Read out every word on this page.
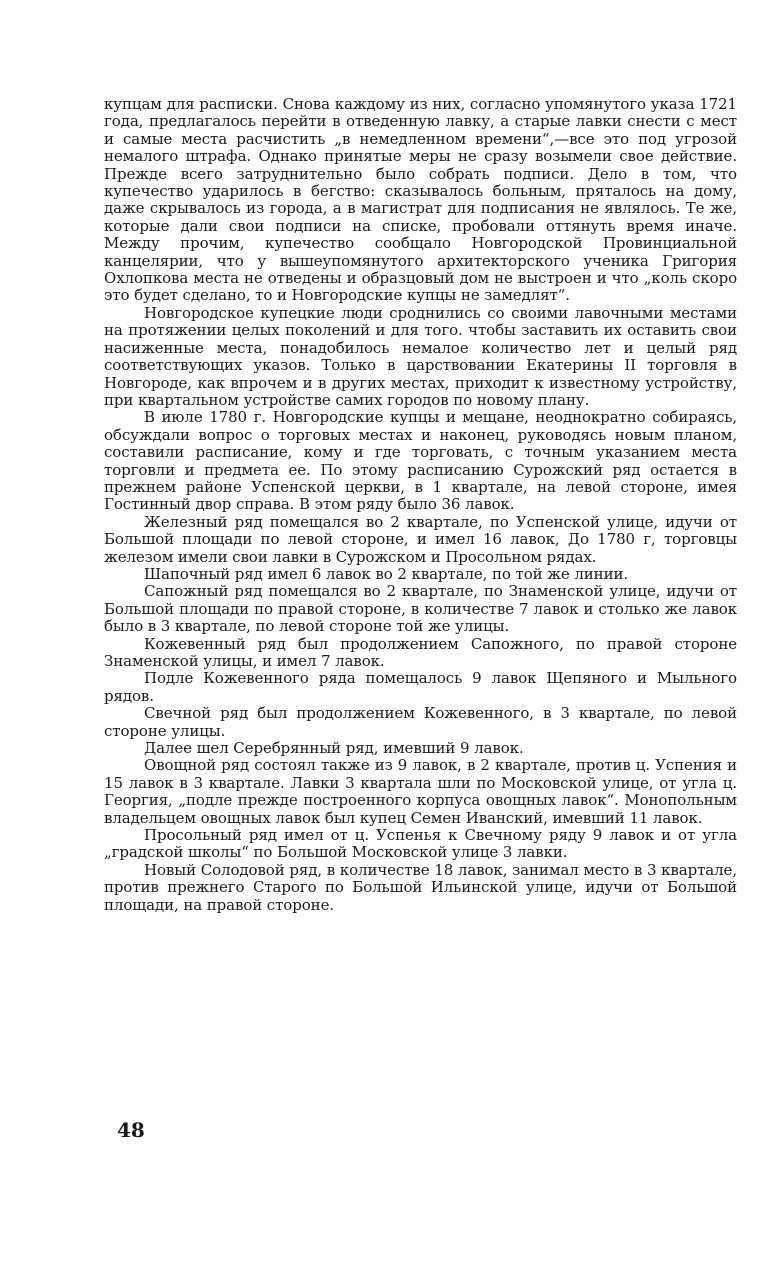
купцам для расписки. Снова каждому из них, согласно упомянутого указа 1721 года, предлагалось перейти в отведенную лавку, а старые лавки снести с мест и самые места расчистить „в немедленном времени“,—все это под угрозой немалого штрафа. Однако принятые меры не сразу возымели свое действие. Прежде всего затруднительно было собрать подписи. Дело в том, что купечество ударилось в бегство: сказывалось больным, пряталось на дому, даже скрывалось из города, а в магистрат для подписания не являлось. Те же, которые дали свои подписи на списке, пробовали оттянуть время иначе. Между прочим, купечество сообщало Новгородской Провинциальной канцелярии, что у вышеупомянутого архитекторского ученика Григория Охлопкова места не отведены и образцовый дом не выстроен и что „коль скоро это будет сделано, то и Новгородские купцы не замедлят“.

Новгородское купецкие люди сроднились со своими лавочными местами на протяжении целых поколений и для того. чтобы заставить их оставить свои насиженные места, понадобилось немалое количество лет и целый ряд соответствующих указов. Только в царствовании Екатерины II торговля в Новгороде, как впрочем и в других местах, приходит к известному устройству, при квартальном устройстве самих городов по новому плану.

В июле 1780 г. Новгородские купцы и мещане, неоднократно собираясь, обсуждали вопрос о торговых местах и наконец, руководясь новым планом, составили расписание, кому и где торговать, с точным указанием места торговли и предмета ее. По этому расписанию Сурожский ряд остается в прежнем районе Успенской церкви, в 1 квартале, на левой стороне, имея Гостинный двор справа. В этом ряду было 36 лавок.

Железный ряд помещался во 2 квартале, по Успенской улице, идучи от Большой площади по левой стороне, и имел 16 лавок, До 1780 г, торговцы железом имели свои лавки в Сурожском и Просольном рядах.

Шапочный ряд имел 6 лавок во 2 квартале, по той же линии.

Сапожный ряд помещался во 2 квартале, по Знаменской улице, идучи от Большой площади по правой стороне, в количестве 7 лавок и столько же лавок было в 3 квартале, по левой стороне той же улицы.

Кожевенный ряд был продолжением Сапожного, по правой стороне Знаменской улицы, и имел 7 лавок.

Подле Кожевенного ряда помещалось 9 лавок Щепяного и Мыльного рядов.

Свечной ряд был продолжением Кожевенного, в 3 квартале, по левой стороне улицы.

Далее шел Серебрянный ряд, имевший 9 лавок.

Овощной ряд состоял также из 9 лавок, в 2 квартале, против ц. Успения и 15 лавок в 3 квартале. Лавки 3 квартала шли по Московской улице, от угла ц. Георгия, „подле прежде построенного корпуса овощных лавок“. Монопольным владельцем овощных лавок был купец Семен Иванский, имевший 11 лавок.

Просольный ряд имел от ц. Успенья к Свечному ряду 9 лавок и от угла „градской школы“ по Большой Московской улице 3 лавки.

Новый Солодовой ряд, в количестве 18 лавок, занимал место в 3 квартале, против прежнего Старого по Большой Ильинской улице, идучи от Большой площади, на правой стороне.

48
